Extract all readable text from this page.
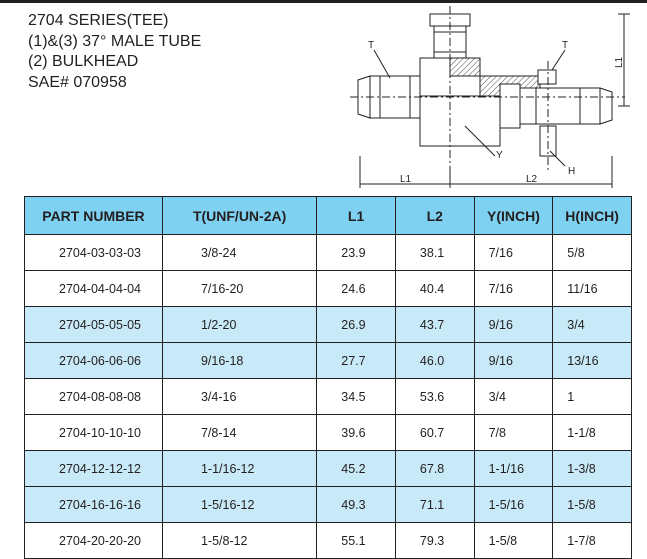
2704 SERIES(TEE)
(1)&(3) 37° MALE TUBE
(2) BULKHEAD
SAE# 070958
T	T
L1
Y
H
L1	L2
PART NUMBER	T(UNF/UN-2A)	L1	L2	Y(INCH)	H(INCH)
2704-03-03-03	3/8-24	23.9	38.1	7/16	5/8
2704-04-04-04	7/16-20	24.6	40.4	7/16	11/16
2704-05-05-05	1/2-20	26.9	43.7	9/16	3/4
2704-06-06-06	9/16-18	27.7	46.0	9/16	13/16
2704-08-08-08	3/4-16	34.5	53.6	3/4	1
2704-10-10-10	7/8-14	39.6	60.7	7/8	1-1/8
2704-12-12-12	1-1/16-12	45.2	67.8	1-1/16	1-3/8
2704-16-16-16	1-5/16-12	49.3	71.1	1-5/16	1-5/8
2704-20-20-20	1-5/8-12	55.1	79.3	1-5/8	1-7/8
